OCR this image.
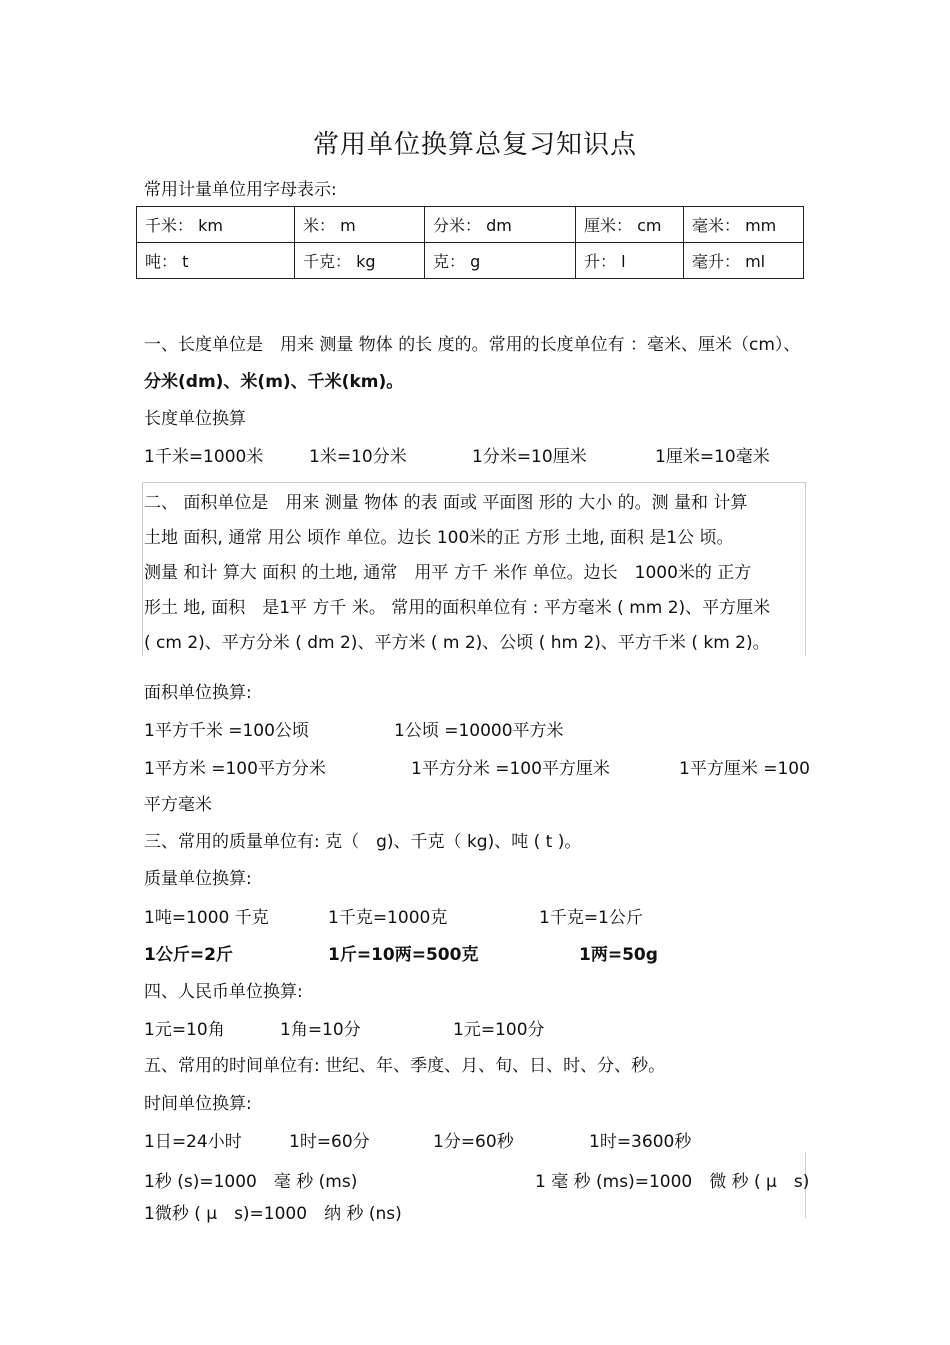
常用单位换算总复习知识点
常用计量单位用字母表示:
千米： km	米： m	分米： dm	厘米： cm	毫米： mm
吨： t	千克： kg	克： g	升： l	毫升： ml
一、长度单位是　用来 测量 物体 的长 度的。常用的长度单位有 ：毫米、厘米（cm）、
分米(dm)、米(m)、千米(km)。
长度单位换算
1千米=1000米	1米=10分米	1分米=10厘米	1厘米=10毫米
二、 面积单位是　用来 测量 物体 的表 面或 平面图 形的 大小 的。测 量和 计算
土地 面积, 通常 用公 顷作 单位。边长 100米的正 方形 土地, 面积 是1公 顷。
测量 和计 算大 面积 的土地, 通常　用平 方千 米作 单位。边长　1000米的 正方
形土 地, 面积　是1平 方千 米。 常用的面积单位有 : 平方毫米 ( mm 2)、平方厘米
( cm 2)、平方分米 ( dm 2)、平方米 ( m 2)、公顷 ( hm 2)、平方千米 ( km 2)。
面积单位换算:
1平方千米 =100公顷	1公顷 =10000平方米
1平方米 =100平方分米	1平方分米 =100平方厘米	1平方厘米 =100
平方毫米
三、常用的质量单位有: 克（　g)、千克（ kg)、吨 ( t )。
质量单位换算:
1吨=1000 千克	1千克=1000克	1千克=1公斤
1公斤=2斤	1斤=10两=500克	1两=50g
四、人民币单位换算:
1元=10角	1角=10分	1元=100分
五、常用的时间单位有: 世纪、年、季度、月、旬、日、时、分、秒。
时间单位换算:
1日=24小时	1时=60分	1分=60秒	1时=3600秒
1秒 (s)=1000　毫 秒 (ms)	1 毫 秒 (ms)=1000　微 秒 ( μ　s)
1微秒 ( μ　s)=1000　纳 秒 (ns)
